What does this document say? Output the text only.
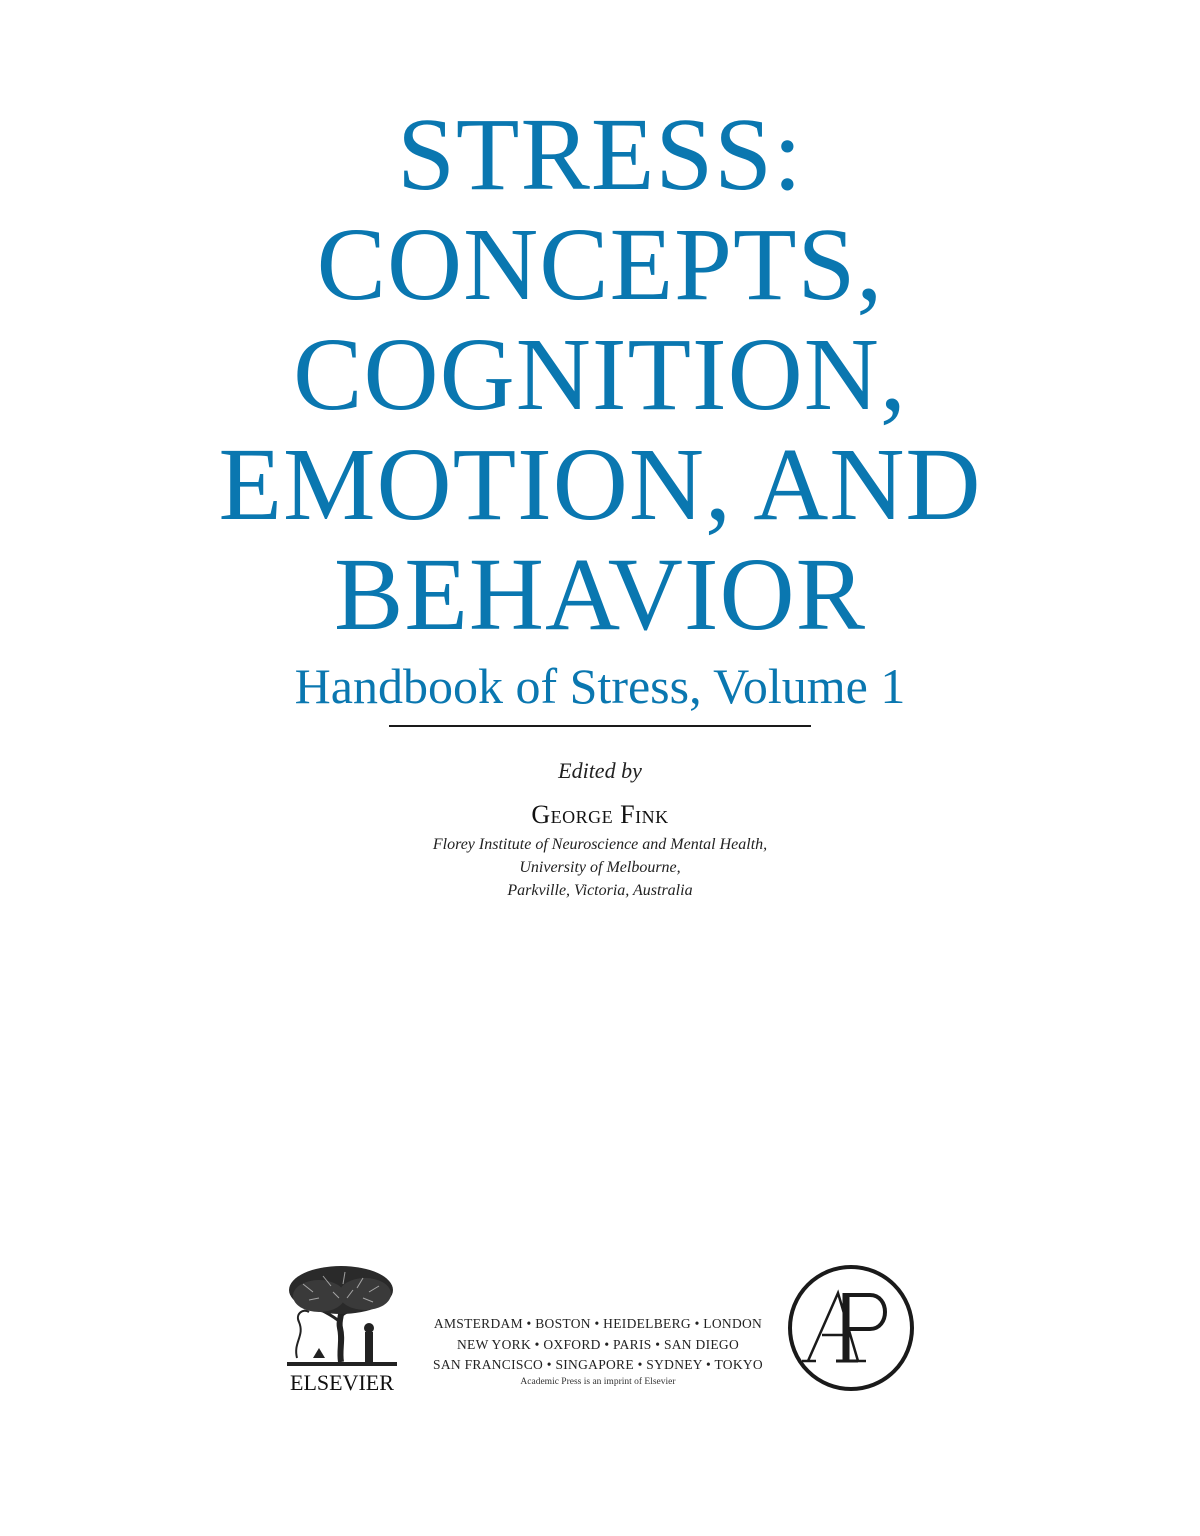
STRESS:
CONCEPTS,
COGNITION,
EMOTION, AND
BEHAVIOR
Handbook of Stress, Volume 1
Edited by
George Fink
Florey Institute of Neuroscience and Mental Health,
University of Melbourne,
Parkville, Victoria, Australia
ELSEVIER
AMSTERDAM • BOSTON • HEIDELBERG • LONDON
NEW YORK • OXFORD • PARIS • SAN DIEGO
SAN FRANCISCO • SINGAPORE • SYDNEY • TOKYO
Academic Press is an imprint of Elsevier
